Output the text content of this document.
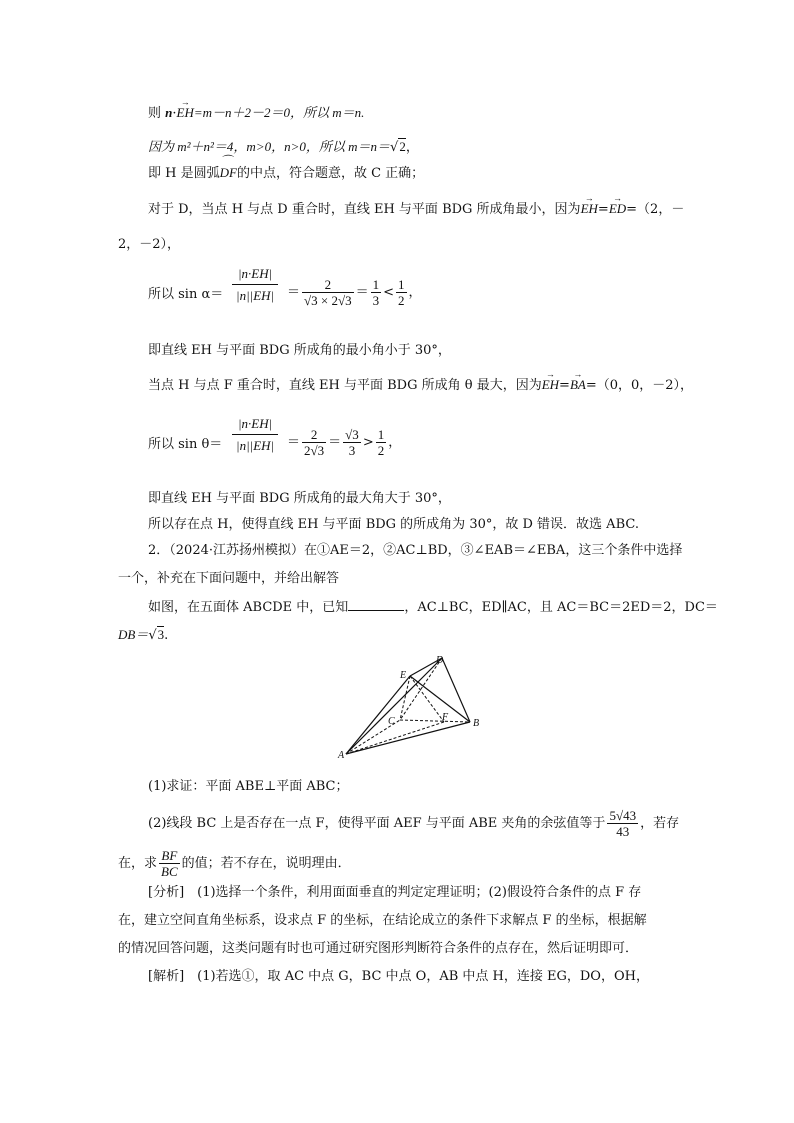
则 n·→ EH=m－n＋2－2＝0，所以 m＝n.
因为 m²＋n²＝4，m>0，n>0，所以 m＝n＝√2，
即 H 是圆弧⌒ DF的中点，符合题意，故 C 正确；
对于 D，当点 H 与点 D 重合时，直线 EH 与平面 BDG 所成角最小，因为→ EH=→ ED=（2，－
2，－2），
所以 $\sin \alpha= \frac{|n\cdot EH|}{|n||EH|} = \frac{2}{√3 \times 2√3} = \frac{1}{3} < \frac{1}{2}$ ，
即直线 EH 与平面 BDG 所成角的最小角小于 30°，
当点 H 与点 F 重合时，直线 EH 与平面 BDG 所成角 θ 最大，因为→ EH=→ BA=（0，0，－2），
所以 $\sin \theta= \frac{|n\cdot EH|}{|n||EH|} = \frac{2}{2√3} = \frac{√3}{3} > \frac{1}{2}$ ，
即直线 EH 与平面 BDG 所成角的最大角大于 30°，
所以存在点 H，使得直线 EH 与平面 BDG 的所成角为 30°，故 D 错误．故选 ABC.
2．（2024·江苏扬州模拟）在①AE＝2，②AC⊥BD，③∠EAB＝∠EBA，这三个条件中选择
一个，补充在下面问题中，并给出解答
如图，在五面体 ABCDE 中，已知	，AC⊥BC，ED∥AC，且 AC＝BC＝2ED＝2，DC＝
DB＝√3.
D
E
C	F
B
A
(1)求证：平面 ABE⊥平面 ABC；
(2)线段 BC 上是否存在一点 F，使得平面 AEF 与平面 ABE 夹角的余弦值等于 $\frac{5√43}{43}$ ，若存
在，求 $\frac{BF}{BC}$ 的值；若不存在，说明理由．
[分析]　(1)选择一个条件，利用面面垂直的判定定理证明；(2)假设符合条件的点 F 存
在，建立空间直角坐标系，设求点 F 的坐标，在结论成立的条件下求解点 F 的坐标，根据解
的情况回答问题，这类问题有时也可通过研究图形判断符合条件的点存在，然后证明即可．
[解析]　(1)若选①，取 AC 中点 G，BC 中点 O，AB 中点 H，连接 EG，DO，OH，
